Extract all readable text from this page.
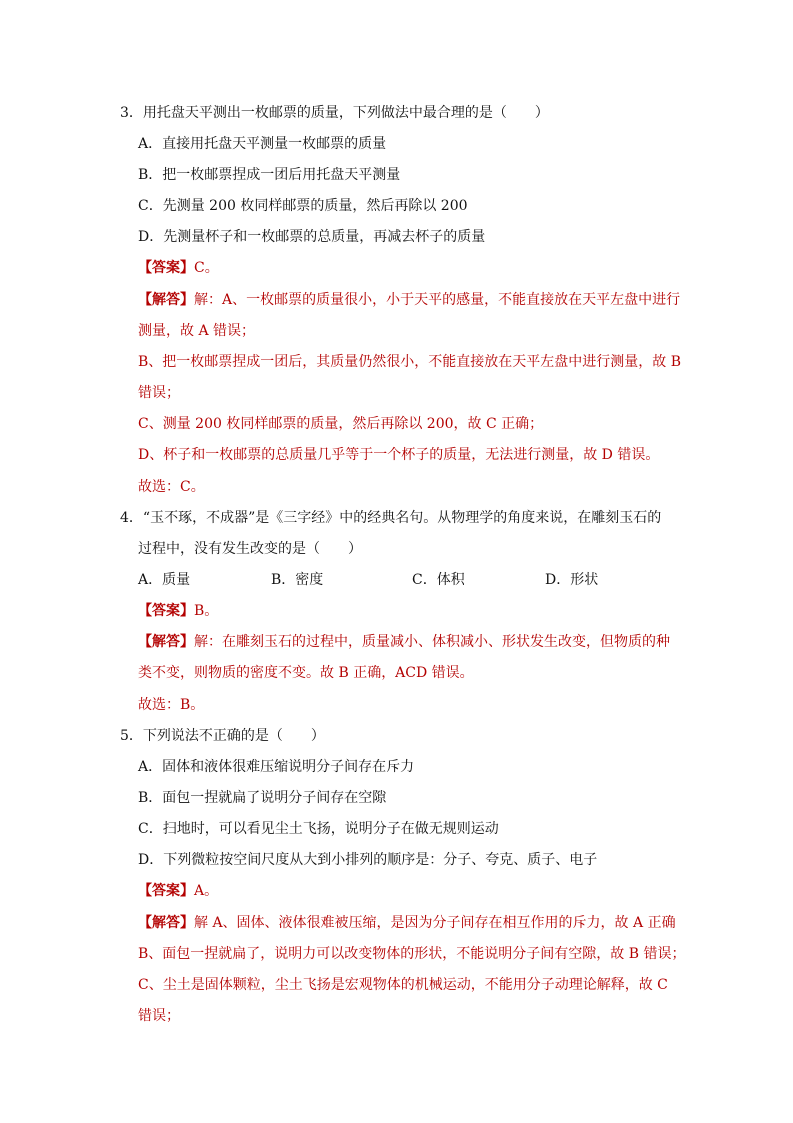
3．用托盘天平测出一枚邮票的质量，下列做法中最合理的是（　　）
A．直接用托盘天平测量一枚邮票的质量
B．把一枚邮票捏成一团后用托盘天平测量
C．先测量 200 枚同样邮票的质量，然后再除以 200
D．先测量杯子和一枚邮票的总质量，再减去杯子的质量
【答案】C。
【解答】解：A、一枚邮票的质量很小，小于天平的感量，不能直接放在天平左盘中进行
测量，故 A 错误；
B、把一枚邮票捏成一团后，其质量仍然很小，不能直接放在天平左盘中进行测量，故 B
错误；
C、测量 200 枚同样邮票的质量，然后再除以 200，故 C 正确；
D、杯子和一枚邮票的总质量几乎等于一个杯子的质量，无法进行测量，故 D 错误。
故选：C。
4．“玉不琢，不成器”是《三字经》中的经典名句。从物理学的角度来说，在雕刻玉石的
过程中，没有发生改变的是（　　）
A．质量	B．密度	C．体积	D．形状
【答案】B。
【解答】解：在雕刻玉石的过程中，质量减小、体积减小、形状发生改变，但物质的种
类不变，则物质的密度不变。故 B 正确，ACD 错误。
故选：B。
5．下列说法不正确的是（　　）
A．固体和液体很难压缩说明分子间存在斥力
B．面包一捏就扁了说明分子间存在空隙
C．扫地时，可以看见尘土飞扬，说明分子在做无规则运动
D．下列微粒按空间尺度从大到小排列的顺序是：分子、夸克、质子、电子
【答案】A。
【解答】解 A、固体、液体很难被压缩，是因为分子间存在相互作用的斥力，故 A 正确
B、面包一捏就扁了，说明力可以改变物体的形状，不能说明分子间有空隙，故 B 错误；
C、尘土是固体颗粒，尘土飞扬是宏观物体的机械运动，不能用分子动理论解释，故 C
错误；
